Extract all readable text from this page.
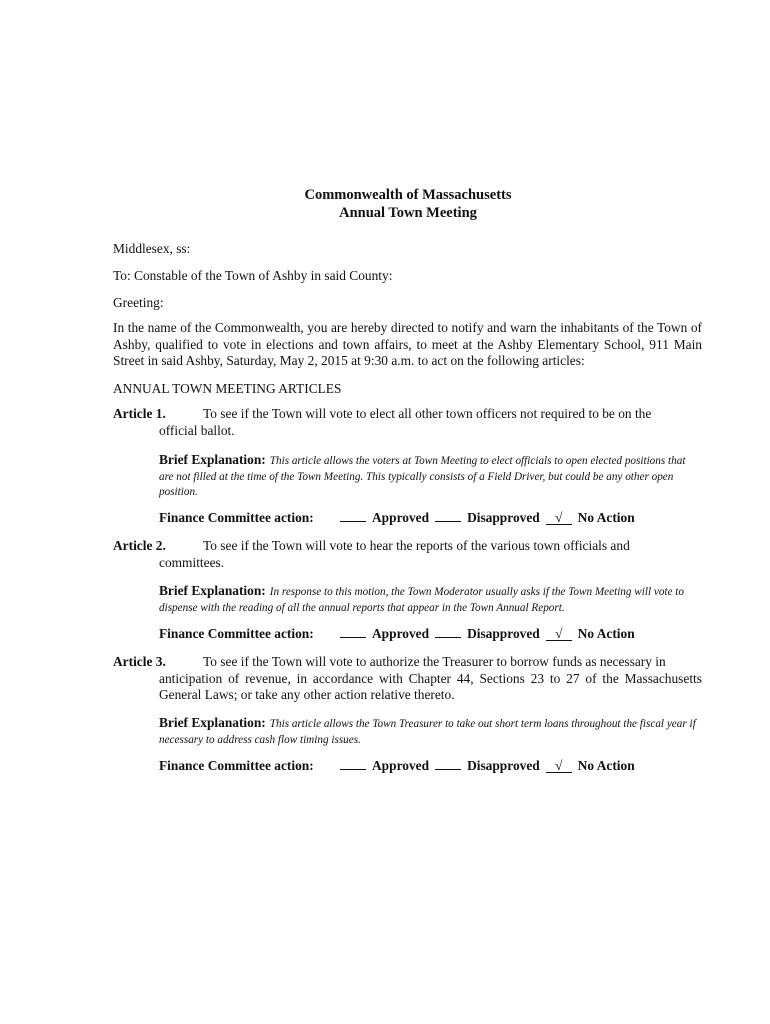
Commonwealth of Massachusetts
Annual Town Meeting
Middlesex, ss:
To: Constable of the Town of Ashby in said County:
Greeting:
In the name of the Commonwealth, you are hereby directed to notify and warn the inhabitants of the Town of Ashby, qualified to vote in elections and town affairs, to meet at the Ashby Elementary School, 911 Main Street in said Ashby, Saturday, May 2, 2015 at 9:30 a.m. to act on the following articles:
ANNUAL TOWN MEETING ARTICLES
Article 1.	To see if the Town will vote to elect all other town officers not required to be on the
official ballot.
Brief Explanation: This article allows the voters at Town Meeting to elect officials to open elected positions that are not filled at the time of the Town Meeting. This typically consists of a Field Driver, but could be any other open position.
Finance Committee action:	Approved	Disapproved √ No Action
Article 2.	To see if the Town will vote to hear the reports of the various town officials and
committees.
Brief Explanation: In response to this motion, the Town Moderator usually asks if the Town Meeting will vote to dispense with the reading of all the annual reports that appear in the Town Annual Report.
Finance Committee action:	Approved	Disapproved √ No Action
Article 3.	To see if the Town will vote to authorize the Treasurer to borrow funds as necessary in
anticipation of revenue, in accordance with Chapter 44, Sections 23 to 27 of the Massachusetts General Laws; or take any other action relative thereto.
Brief Explanation: This article allows the Town Treasurer to take out short term loans throughout the fiscal year if necessary to address cash flow timing issues.
Finance Committee action:	Approved	Disapproved √ No Action
